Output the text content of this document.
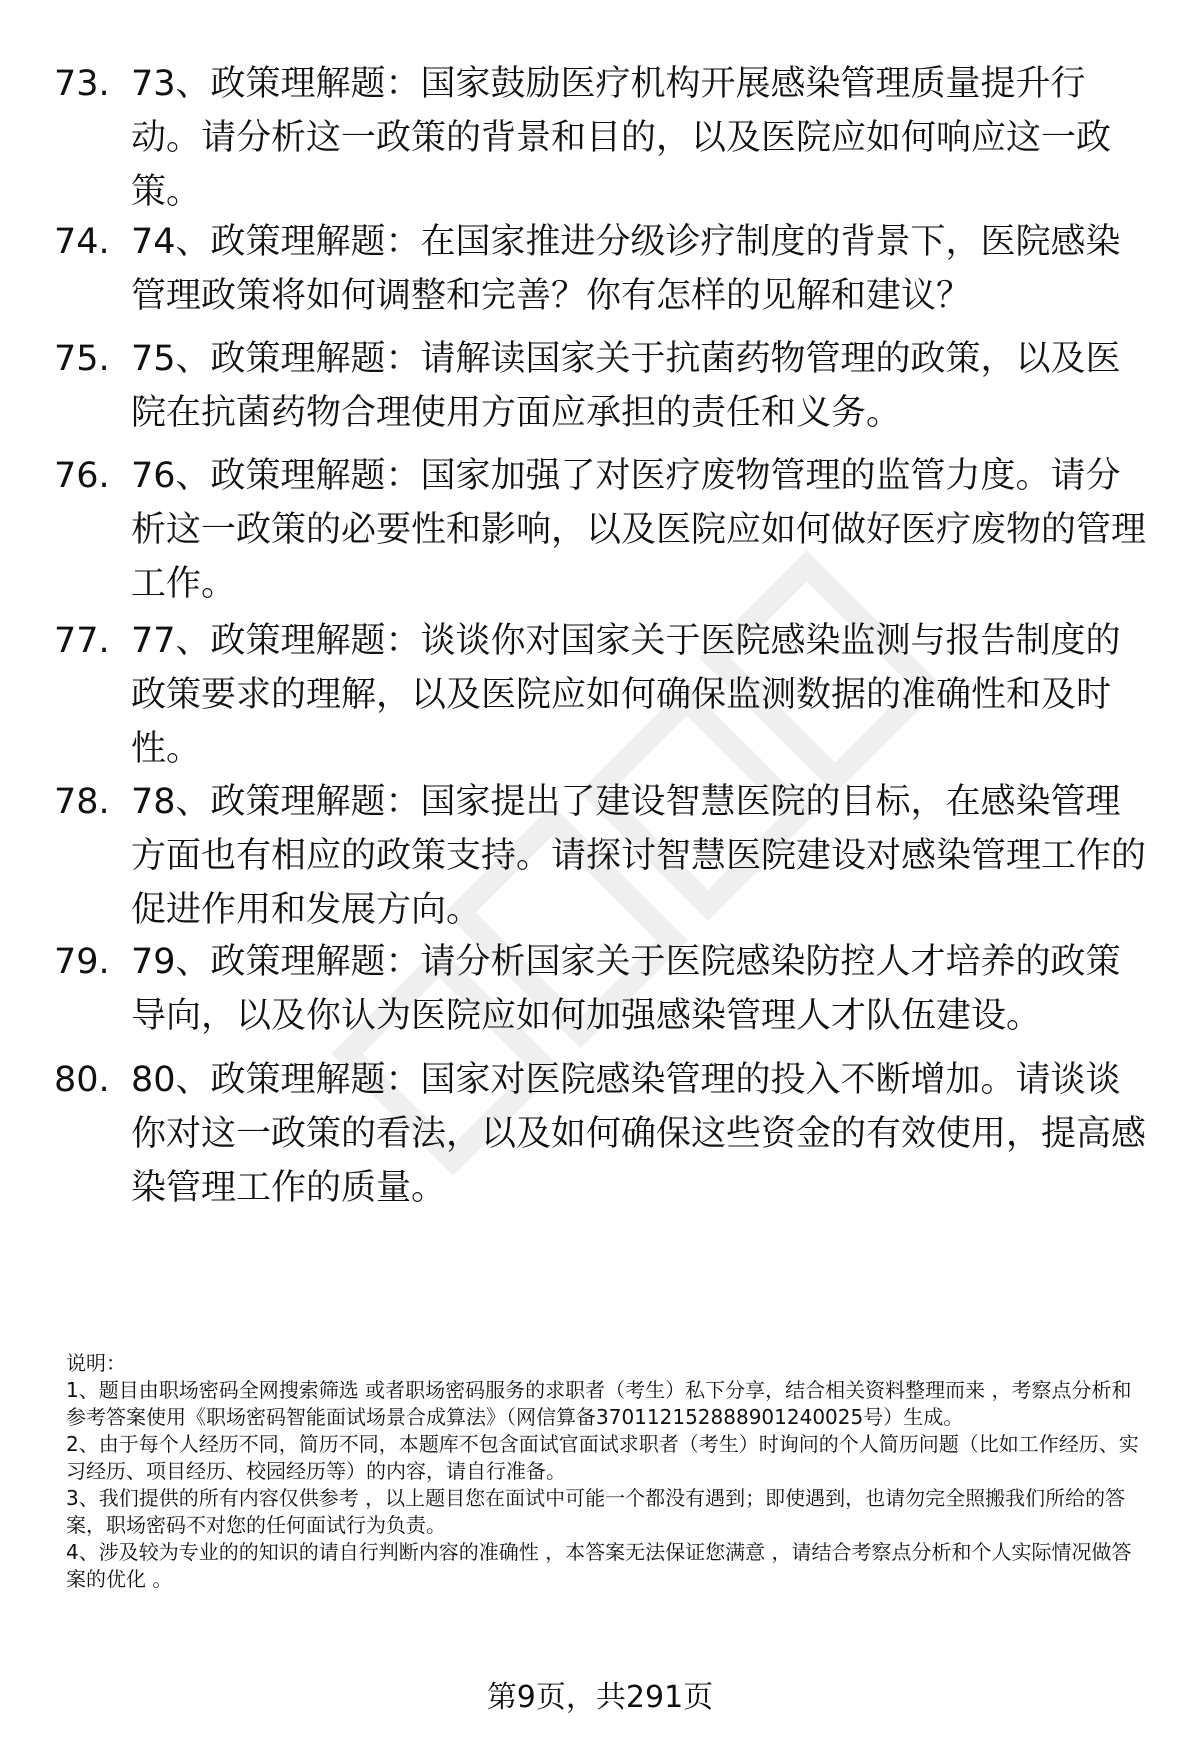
73. 73、政策理解题：国家鼓励医疗机构开展感染管理质量提升行动。请分析这一政策的背景和目的，以及医院应如何响应这一政策。
74. 74、政策理解题：在国家推进分级诊疗制度的背景下，医院感染管理政策将如何调整和完善？你有怎样的见解和建议？
75. 75、政策理解题：请解读国家关于抗菌药物管理的政策，以及医院在抗菌药物合理使用方面应承担的责任和义务。
76. 76、政策理解题：国家加强了对医疗废物管理的监管力度。请分析这一政策的必要性和影响，以及医院应如何做好医疗废物的管理工作。
77. 77、政策理解题：谈谈你对国家关于医院感染监测与报告制度的政策要求的理解，以及医院应如何确保监测数据的准确性和及时性。
78. 78、政策理解题：国家提出了建设智慧医院的目标，在感染管理方面也有相应的政策支持。请探讨智慧医院建设对感染管理工作的促进作用和发展方向。
79. 79、政策理解题：请分析国家关于医院感染防控人才培养的政策导向，以及你认为医院应如何加强感染管理人才队伍建设。
80. 80、政策理解题：国家对医院感染管理的投入不断增加。请谈谈你对这一政策的看法，以及如何确保这些资金的有效使用，提高感染管理工作的质量。

说明：

1、题目由职场密码全网搜索筛选 或者职场密码服务的求职者（考生）私下分享，结合相关资料整理而来 ，考察点分析和参考答案使用《职场密码智能面试场景合成算法》（网信算备370112152888901240025号）生成。

2、由于每个人经历不同，简历不同，本题库不包含面试官面试求职者（考生）时询问的个人简历问题（比如工作经历、实习经历、项目经历、校园经历等）的内容，请自行准备。

3、我们提供的所有内容仅供参考 ，以上题目您在面试中可能一个都没有遇到；即使遇到，也请勿完全照搬我们所给的答案，职场密码不对您的任何面试行为负责。

4、涉及较为专业的的知识的请自行判断内容的准确性 ，本答案无法保证您满意 ，请结合考察点分析和个人实际情况做答案的优化 。

第9页，共291页
